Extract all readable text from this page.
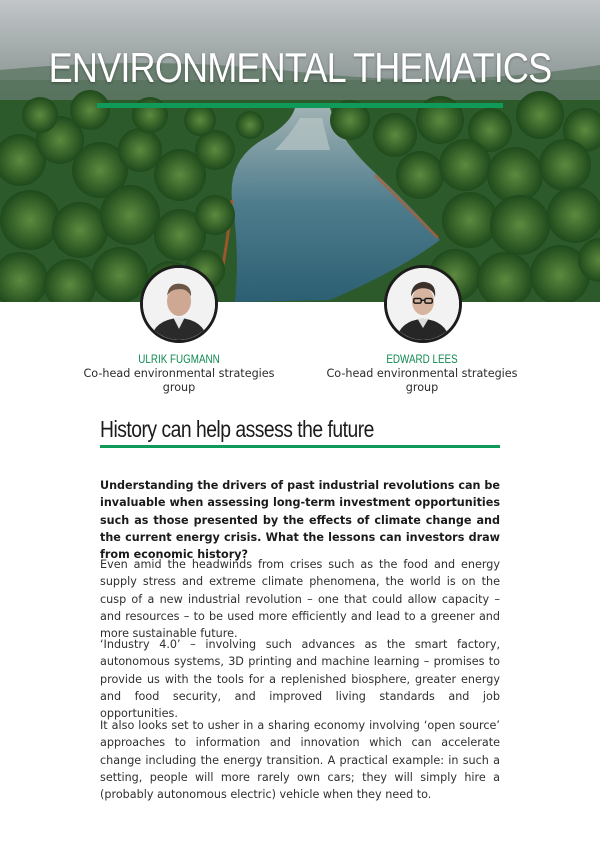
ENVIRONMENTAL THEMATICS
ULRIK FUGMANN
Co-head environmental strategies group
EDWARD LEES
Co-head environmental strategies group
History can help assess the future
Understanding the drivers of past industrial revolutions can be invaluable when assessing long-term investment opportunities such as those presented by the effects of climate change and the current energy crisis. What the lessons can investors draw from economic history?
Even amid the headwinds from crises such as the food and energy supply stress and extreme climate phenomena, the world is on the cusp of a new industrial revolution – one that could allow capacity – and resources – to be used more efficiently and lead to a greener and more sustainable future.
‘Industry 4.0’ – involving such advances as the smart factory, autonomous systems, 3D printing and machine learning – promises to provide us with the tools for a replenished biosphere, greater energy and food security, and improved living standards and job opportunities.
It also looks set to usher in a sharing economy involving ‘open source’ approaches to information and innovation which can accelerate change including the energy transition. A practical example: in such a setting, people will more rarely own cars; they will simply hire a (probably autonomous electric) vehicle when they need to.
